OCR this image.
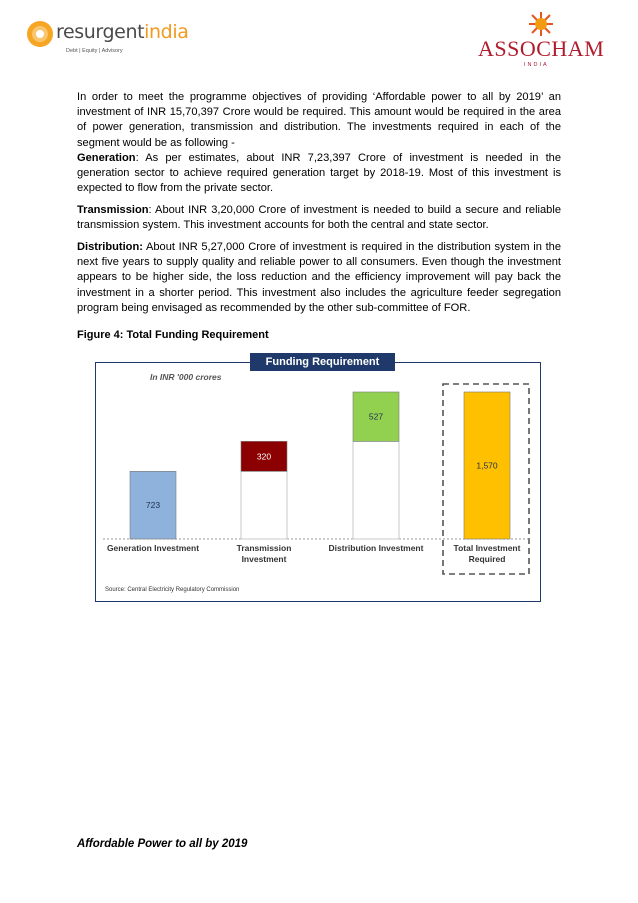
resurgentindia
Debt | Equity | Advisory	ASSOCHAM
INDIA

In order to meet the programme objectives of providing ‘Affordable power to all by 2019’ an investment of INR 15,70,397 Crore would be required. This amount would be required in the area of power generation, transmission and distribution. The investments required in each of the segment would be as following -

Generation: As per estimates, about INR 7,23,397 Crore of investment is needed in the generation sector to achieve required generation target by 2018-19. Most of this investment is expected to flow from the private sector.

Transmission: About INR 3,20,000 Crore of investment is needed to build a secure and reliable transmission system. This investment accounts for both the central and state sector.

Distribution: About INR 5,27,000 Crore of investment is required in the distribution system in the next five years to supply quality and reliable power to all consumers. Even though the investment appears to be higher side, the loss reduction and the efficiency improvement will pay back the investment in a shorter period. This investment also includes the agriculture feeder segregation program being envisaged as recommended by the other sub-committee of FOR.

Figure 4: Total Funding Requirement
In INR '000 crores
723
Generation Investment
320
Transmission
Investment
527
Distribution Investment
1,570
Total Investment
Required
Source: Central Electricity Regulatory Commission
Funding Requirement
Affordable Power to all by 2019
